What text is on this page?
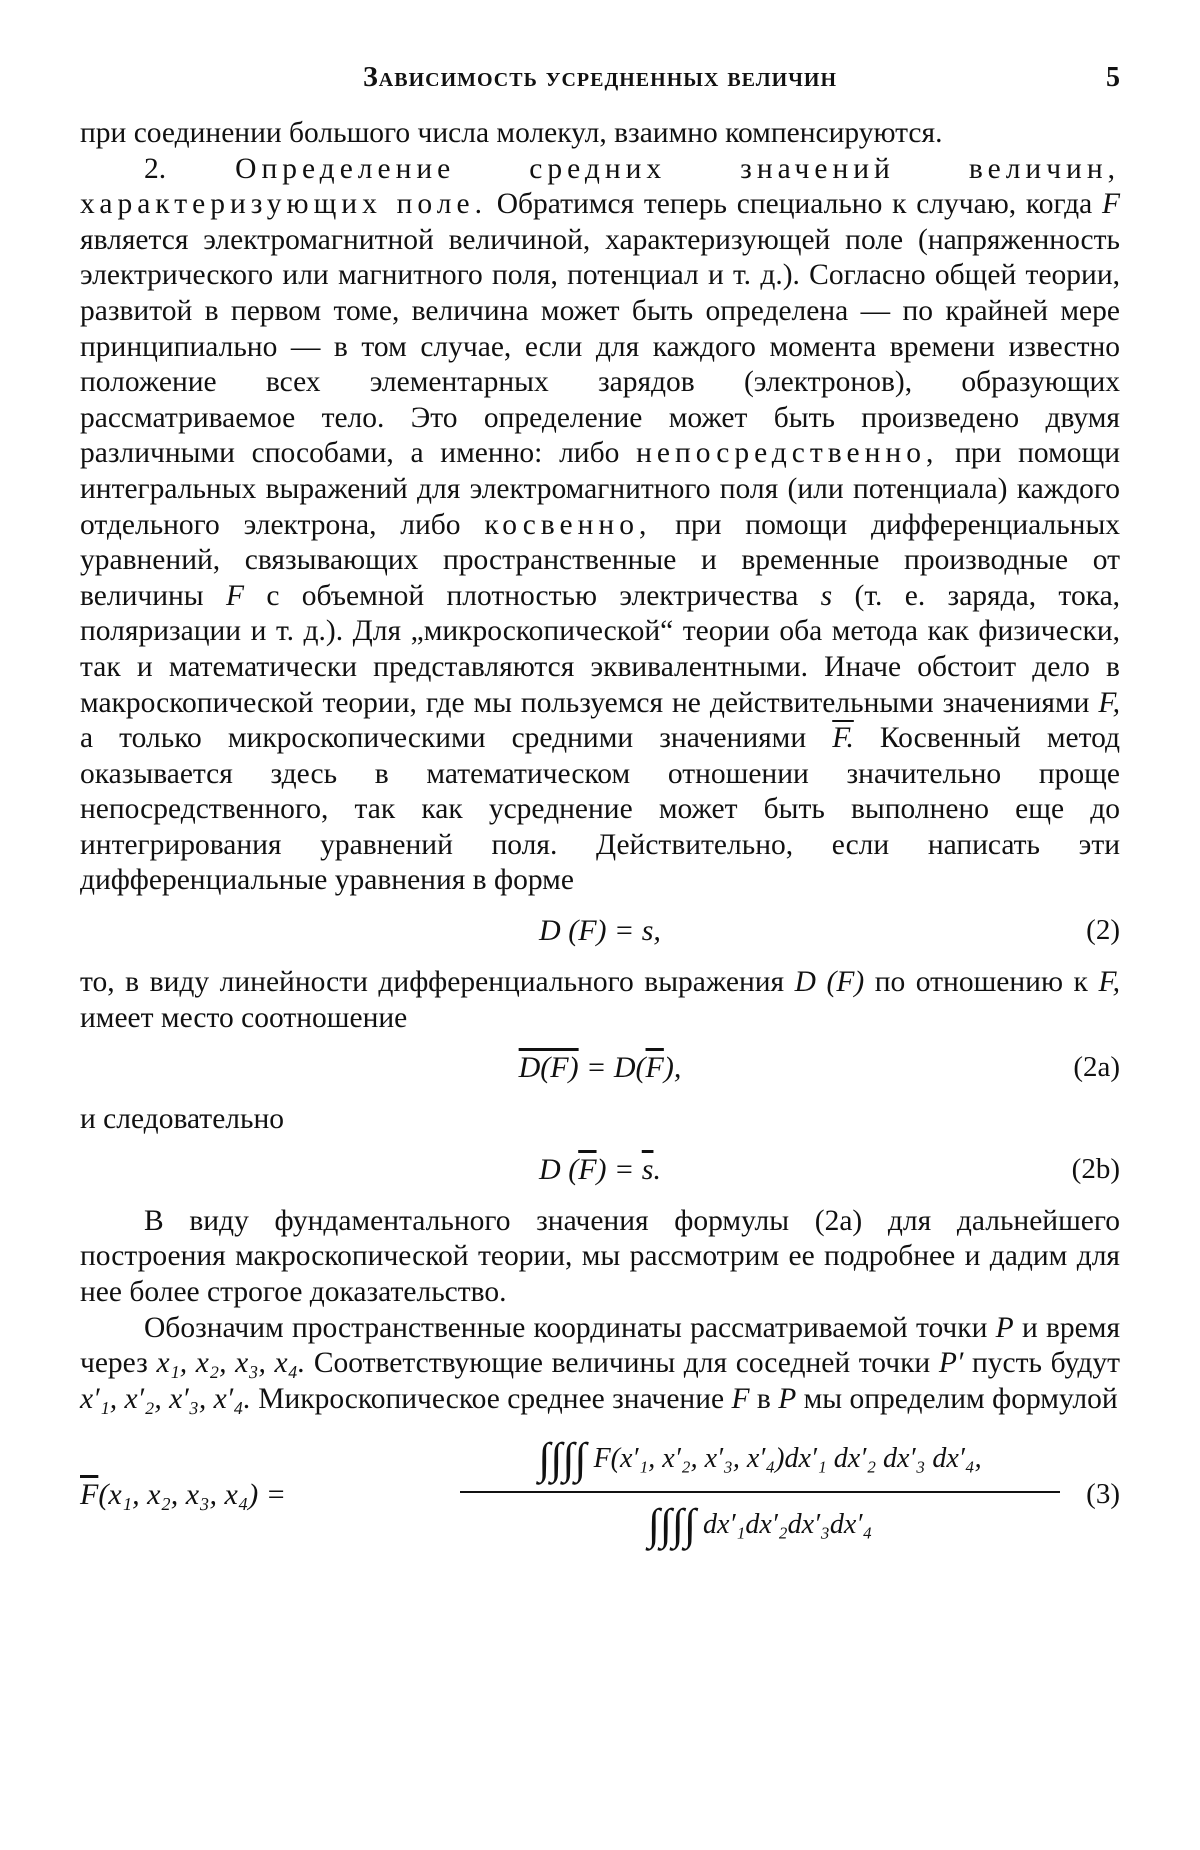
Зависимость усредненных величин	5

при соединении большого числа молекул, взаимно компенсируются.

2. Определение средних значений величин, характеризующих поле. Обратимся теперь специально к случаю, когда F является электромагнитной величиной, характеризующей поле (напряженность электрического или магнитного поля, потенциал и т. д.). Согласно общей теории, развитой в первом томе, величина может быть определена — по крайней мере принципиально — в том случае, если для каждого момента времени известно положение всех элементарных зарядов (электронов), образующих рассматриваемое тело. Это определение может быть произведено двумя различными способами, а именно: либо непосредственно, при помощи интегральных выражений для электромагнитного поля (или потенциала) каждого отдельного электрона, либо косвенно, при помощи дифференциальных уравнений, связывающих пространственные и временные производные от величины F с объемной плотностью электричества s (т. е. заряда, тока, поляризации и т. д.). Для „микроскопической“ теории оба метода как физически, так и математически представляются эквивалентными. Иначе обстоит дело в макроскопической теории, где мы пользуемся не действительными значениями F, а только микроскопическими средними значениями F. Косвенный метод оказывается здесь в математическом отношении значительно проще непосредственного, так как усреднение может быть выполнено еще до интегрирования уравнений поля. Действительно, если написать эти дифференциальные уравнения в форме

D (F) = s,	(2)

то, в виду линейности дифференциального выражения D (F) по отношению к F, имеет место соотношение

$D(F) = D(\overline{F})$,	(2a)

и следовательно

D $(\overline{F}) = \overline{s}$.	(2b)

В виду фундаментального значения формулы (2a) для дальнейшего построения макроскопической теории, мы рассмотрим ее подробнее и дадим для нее более строгое доказательство.

Обозначим пространственные координаты рассматриваемой точки P и время через x₁, x₂, x₃, x₄. Соответствующие величины для соседней точки P′ пусть будут x′₁, x′₂, x′₃, x′₄. Микроскопическое среднее значение F в P мы определим формулой

$\overline{F}(x_1$, x₂, x₃, x₄) =
∫∫∫∫ F(x′₁, x′₂, x′₃, x′₄)dx′₁ dx′₂ dx′₃ dx′₄,
∫∫∫∫ dx′₁dx′₂dx′₃dx′₄
(3)
